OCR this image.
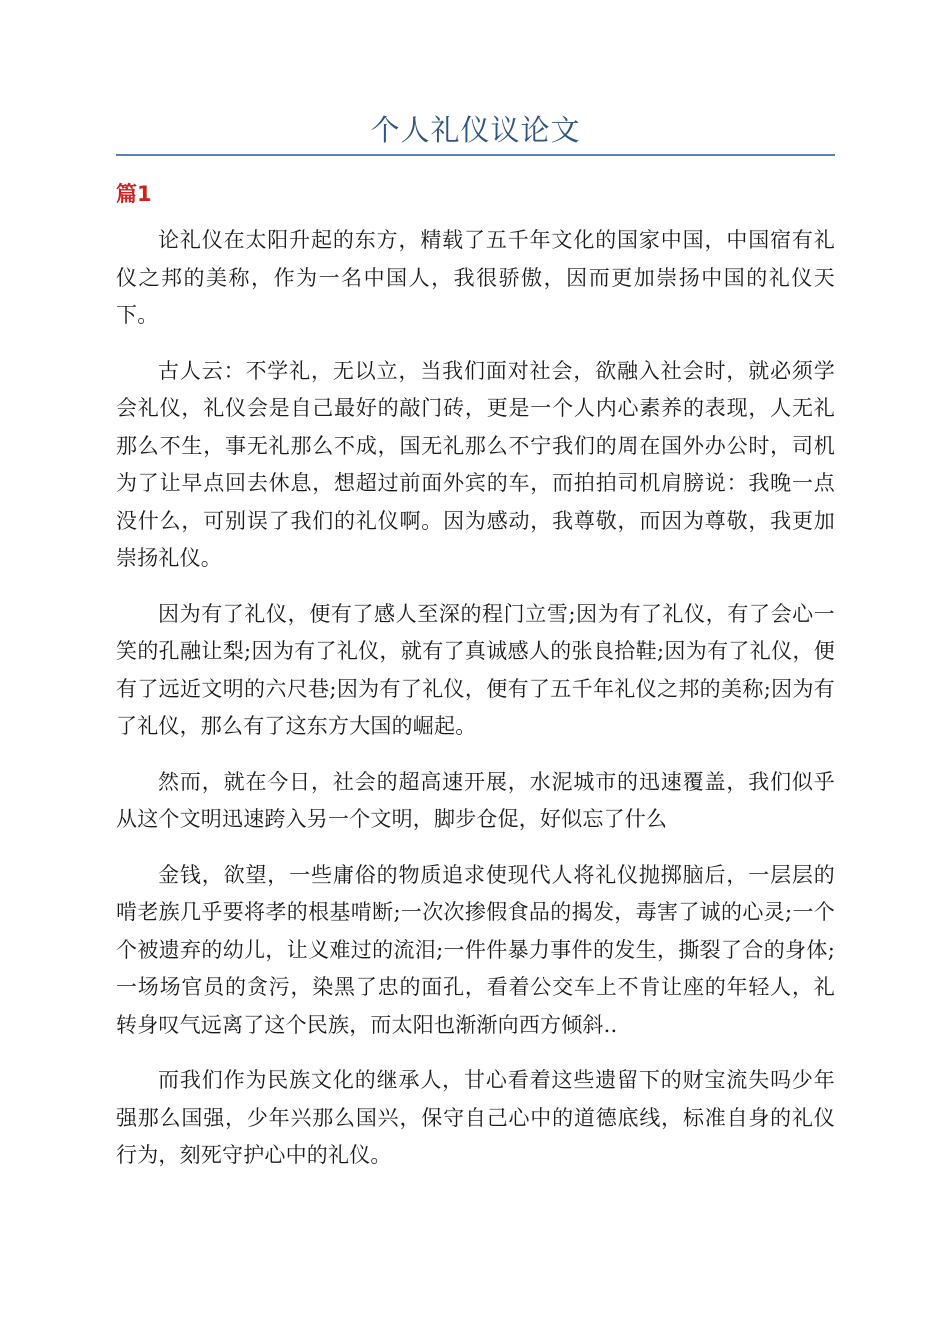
个人礼仪议论文
篇1

论礼仪在太阳升起的东方，精载了五千年文化的国家中国，中国宿有礼仪之邦的美称，作为一名中国人，我很骄傲，因而更加崇扬中国的礼仪天下。

古人云：不学礼，无以立，当我们面对社会，欲融入社会时，就必须学会礼仪，礼仪会是自己最好的敲门砖，更是一个人内心素养的表现，人无礼那么不生，事无礼那么不成，国无礼那么不宁我们的周在国外办公时，司机为了让早点回去休息，想超过前面外宾的车，而拍拍司机肩膀说：我晚一点没什么，可别误了我们的礼仪啊。因为感动，我尊敬，而因为尊敬，我更加崇扬礼仪。

因为有了礼仪，便有了感人至深的程门立雪;因为有了礼仪，有了会心一笑的孔融让梨;因为有了礼仪，就有了真诚感人的张良拾鞋;因为有了礼仪，便有了远近文明的六尺巷;因为有了礼仪，便有了五千年礼仪之邦的美称;因为有了礼仪，那么有了这东方大国的崛起。

然而，就在今日，社会的超高速开展，水泥城市的迅速覆盖，我们似乎从这个文明迅速跨入另一个文明，脚步仓促，好似忘了什么

金钱，欲望，一些庸俗的物质追求使现代人将礼仪抛掷脑后，一层层的啃老族几乎要将孝的根基啃断;一次次掺假食品的揭发，毒害了诚的心灵;一个个被遗弃的幼儿，让义难过的流泪;一件件暴力事件的发生，撕裂了合的身体;一场场官员的贪污，染黑了忠的面孔，看着公交车上不肯让座的年轻人，礼转身叹气远离了这个民族，而太阳也渐渐向西方倾斜..

而我们作为民族文化的继承人，甘心看着这些遗留下的财宝流失吗少年强那么国强，少年兴那么国兴，保守自己心中的道德底线，标准自身的礼仪行为，刻死守护心中的礼仪。
